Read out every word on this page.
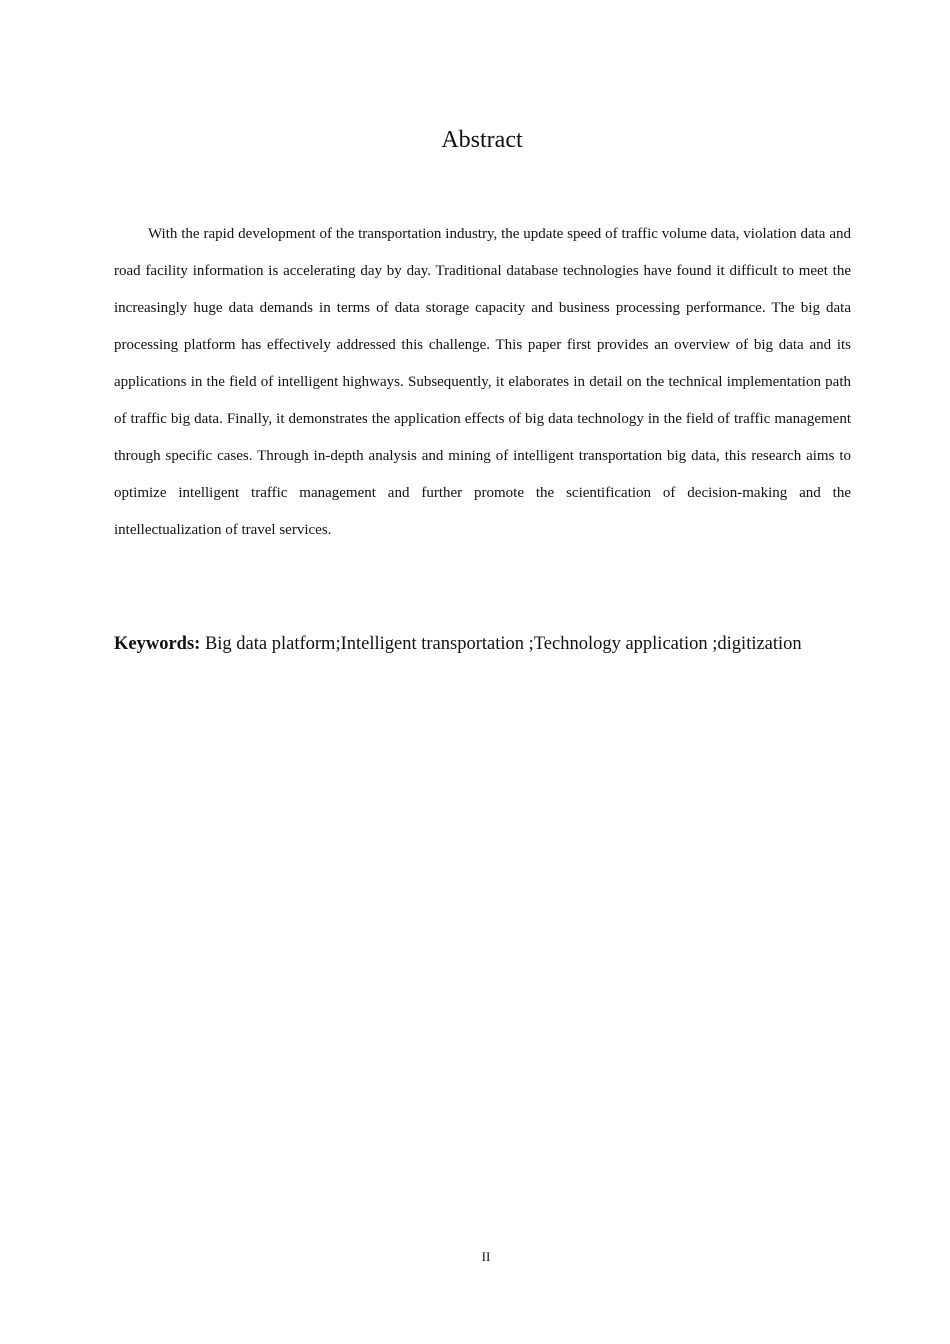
Abstract

With the rapid development of the transportation industry, the update speed of traffic volume data, violation data and road facility information is accelerating day by day. Traditional database technologies have found it difficult to meet the increasingly huge data demands in terms of data storage capacity and business processing performance. The big data processing platform has effectively addressed this challenge. This paper first provides an overview of big data and its applications in the field of intelligent highways. Subsequently, it elaborates in detail on the technical implementation path of traffic big data. Finally, it demonstrates the application effects of big data technology in the field of traffic management through specific cases. Through in-depth analysis and mining of intelligent transportation big data, this research aims to optimize intelligent traffic management and further promote the scientification of decision-making and the intellectualization of travel services.

Keywords: Big data platform;Intelligent transportation ;Technology application ;digitization

II
